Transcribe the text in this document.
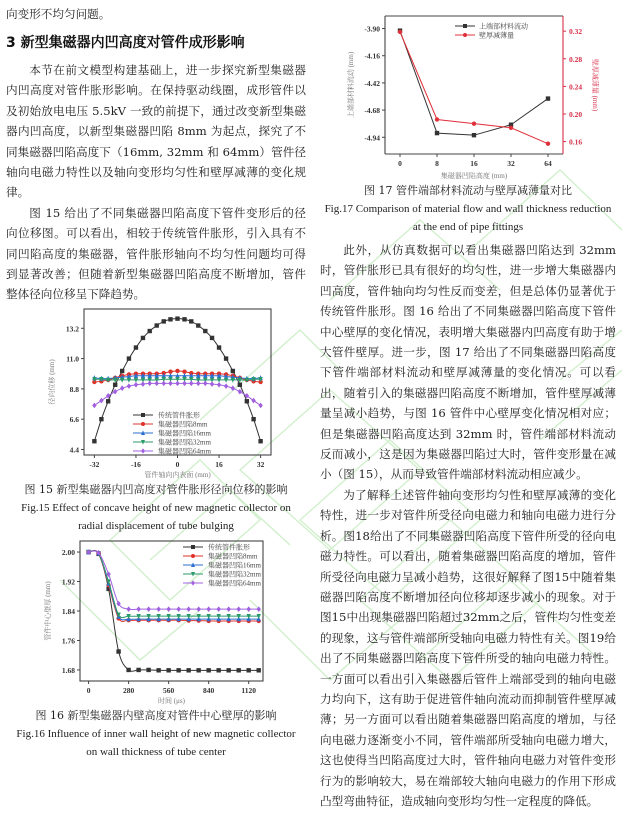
向变形不均匀问题。

3 新型集磁器内凹高度对管件成形影响

本节在前文模型构建基础上，进一步探究新型集磁器内凹高度对管件胀形影响。在保持驱动线圈，成形管件以及初始放电电压 5.5kV 一致的前提下，通过改变新型集磁器内凹高度，以新型集磁器凹陷 8mm 为起点，探究了不同集磁器凹陷高度下（16mm, 32mm 和 64mm）管件径轴向电磁力特性以及轴向变形均匀性和壁厚减薄的变化规律。

图 15 给出了不同集磁器凹陷高度下管件变形后的径向位移图。可以看出，相较于传统管件胀形，引入具有不同凹陷高度的集磁器，管件胀形轴向不均匀性问题均可得到显著改善；但随着新型集磁器凹陷高度不断增加，管件整体径向位移呈下降趋势。

-32	-16	0	16	32
4.4
6.6
8.8
11.0
13.2
管件轴向内表面 (mm)
径向位移 (mm)
传统管件胀形
集磁器凹陷8mm
集磁器凹陷16mm
集磁器凹陷32mm
集磁器凹陷64mm
图 15 新型集磁器内凹高度对管件胀形径向位移的影响
Fig.15 Effect of concave height of new magnetic collector on
radial displacement of tube bulging
0	280	560	840	1120
1.68
1.76
1.84
1.92
2.00
时间 (μs)
管件中心壁厚 (mm)
传统管件胀形
集磁器凹陷8mm
集磁器凹陷16mm
集磁器凹陷32mm
集磁器凹陷64mm
图 16 新型集磁器内壁高度对管件中心壁厚的影响
Fig.16 Influence of inner wall height of new magnetic collector
on wall thickness of tube center
0	8	16	32	64
-3.90
-4.16
-4.42
-4.68
-4.94	0.16
0.20
0.24
0.28
0.32
集磁器凹陷高度 (mm)
上端部材料流动 (mm)	壁厚减薄量 (mm)
上端部材料流动
壁厚减薄量
图 17 管件端部材料流动与壁厚减薄量对比
Fig.17 Comparison of material flow and wall thickness reduction
at the end of pipe fittings

此外，从仿真数据可以看出集磁器凹陷达到 32mm 时，管件胀形已具有很好的均匀性，进一步增大集磁器内凹高度，管件轴向均匀性反而变差，但是总体仍显著优于传统管件胀形。图 16 给出了不同集磁器凹陷高度下管件中心壁厚的变化情况，表明增大集磁器内凹高度有助于增大管件壁厚。进一步，图 17 给出了不同集磁器凹陷高度下管件端部材料流动和壁厚减薄量的变化情况。可以看出，随着引入的集磁器凹陷高度不断增加，管件壁厚减薄量呈减小趋势，与图 16 管件中心壁厚变化情况相对应；但是集磁器凹陷高度达到 32mm 时，管件端部材料流动反而减小，这是因为集磁器凹陷过大时，管件变形量在减小（图 15），从而导致管件端部材料流动相应减少。

为了解释上述管件轴向变形均匀性和壁厚减薄的变化特性，进一步对管件所受径向电磁力和轴向电磁力进行分析。图18给出了不同集磁器凹陷高度下管件所受的径向电磁力特性。可以看出，随着集磁器凹陷高度的增加，管件所受径向电磁力呈减小趋势，这很好解释了图15中随着集磁器凹陷高度不断增加径向位移却逐步减小的现象。对于图15中出现集磁器凹陷超过32mm之后，管件均匀性变差的现象，这与管件端部所受轴向电磁力特性有关。图19给出了不同集磁器凹陷高度下管件所受的轴向电磁力特性。一方面可以看出引入集磁器后管件上端部受到的轴向电磁力均向下，这有助于促进管件轴向流动而抑制管件壁厚减薄；另一方面可以看出随着集磁器凹陷高度的增加，与径向电磁力逐渐变小不同，管件端部所受轴向电磁力增大，这也使得当凹陷高度过大时，管件轴向电磁力对管件变形行为的影响较大，易在端部较大轴向电磁力的作用下形成凸型弯曲特征，造成轴向变形均匀性一定程度的降低。
